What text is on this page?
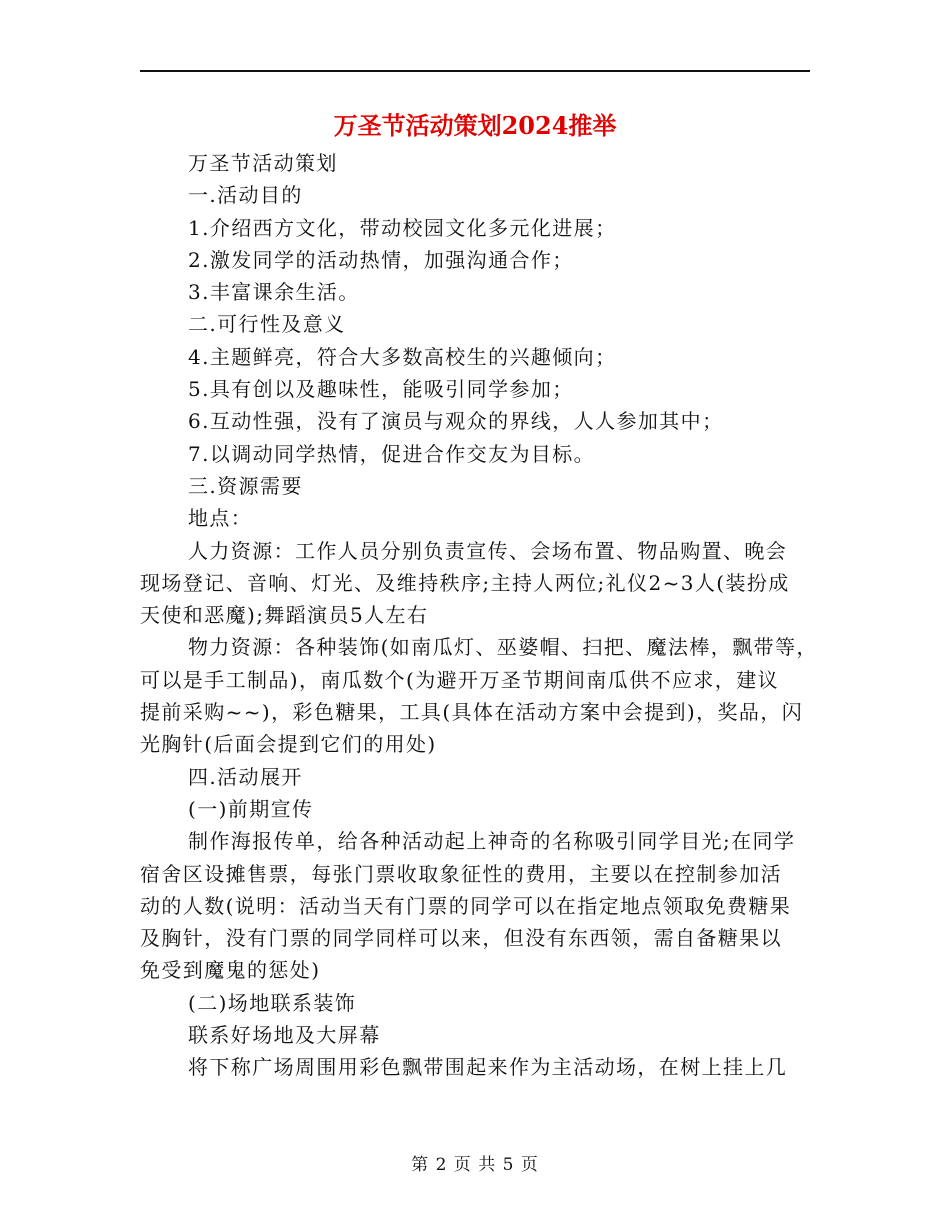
万圣节活动策划2024推举
万圣节活动策划
一.活动目的
1.介绍西方文化，带动校园文化多元化进展；
2.激发同学的活动热情，加强沟通合作；
3.丰富课余生活。
二.可行性及意义
4.主题鲜亮，符合大多数高校生的兴趣倾向；
5.具有创以及趣味性，能吸引同学参加；
6.互动性强，没有了演员与观众的界线，人人参加其中；
7.以调动同学热情，促进合作交友为目标。
三.资源需要
地点：
人力资源：工作人员分别负责宣传、会场布置、物品购置、晚会
现场登记、音响、灯光、及维持秩序;主持人两位;礼仪2~3人(装扮成
天使和恶魔);舞蹈演员5人左右
物力资源：各种装饰(如南瓜灯、巫婆帽、扫把、魔法棒，飘带等，
可以是手工制品)，南瓜数个(为避开万圣节期间南瓜供不应求，建议
提前采购~~)，彩色糖果，工具(具体在活动方案中会提到)，奖品，闪
光胸针(后面会提到它们的用处)
四.活动展开
(一)前期宣传
制作海报传单，给各种活动起上神奇的名称吸引同学目光;在同学
宿舍区设摊售票，每张门票收取象征性的费用，主要以在控制参加活
动的人数(说明：活动当天有门票的同学可以在指定地点领取免费糖果
及胸针，没有门票的同学同样可以来，但没有东西领，需自备糖果以
免受到魔鬼的惩处)
(二)场地联系装饰
联系好场地及大屏幕
将下称广场周围用彩色飘带围起来作为主活动场，在树上挂上几
第 2 页 共 5 页
